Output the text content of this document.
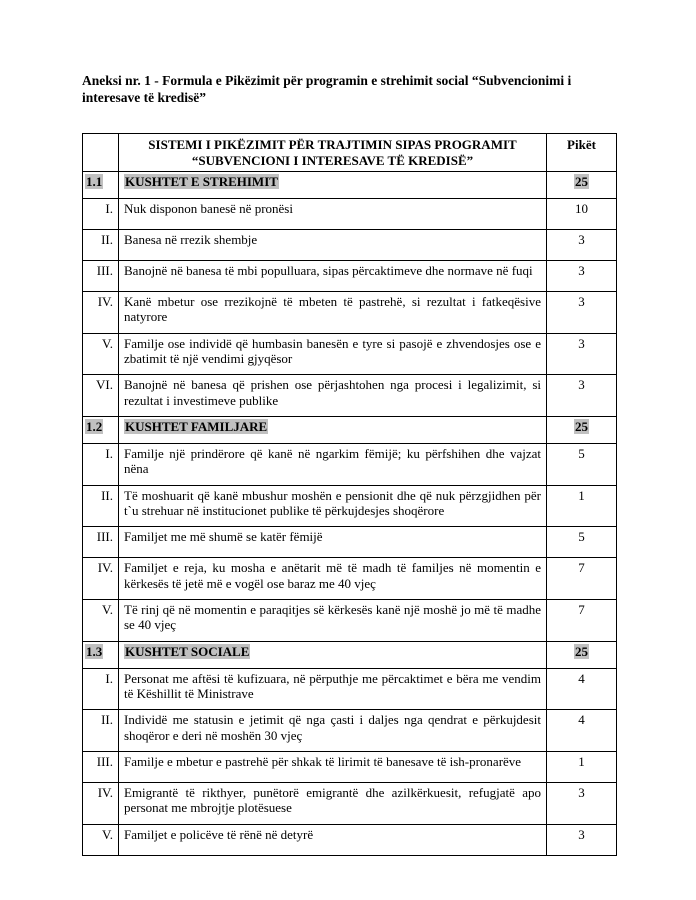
Aneksi nr. 1 - Formula e Pikëzimit për programin e strehimit social “Subvencionimi i interesave të kredisë”

	SISTEMI I PIKËZIMIT PËR TRAJTIMIN SIPAS PROGRAMIT “SUBVENCIONI I INTERESAVE TË KREDISË”	Pikët
1.1	KUSHTET E STREHIMIT	25
I.	Nuk disponon banesë në pronësi	10
II.	Banesa në rrezik shembje	3
III.	Banojnë në banesa të mbi populluara, sipas përcaktimeve dhe normave në fuqi	3
IV.	Kanë mbetur ose rrezikojnë të mbeten të pastrehë, si rezultat i fatkeqësive natyrore	3
V.	Familje ose individë që humbasin banesën e tyre si pasojë e zhvendosjes ose e zbatimit të një vendimi gjyqësor	3
VI.	Banojnë në banesa që prishen ose përjashtohen nga procesi i legalizimit, si rezultat i investimeve publike	3
1.2	KUSHTET FAMILJARE	25
I.	Familje një prindërore që kanë në ngarkim fëmijë; ku përfshihen dhe vajzat nëna	5
II.	Të moshuarit që kanë mbushur moshën e pensionit dhe që nuk përzgjidhen për t`u strehuar në institucionet publike të përkujdesjes shoqërore	1
III.	Familjet me më shumë se katër fëmijë	5
IV.	Familjet e reja, ku mosha e anëtarit më të madh të familjes në momentin e kërkesës të jetë më e vogël ose baraz me 40 vjeç	7
V.	Të rinj që në momentin e paraqitjes së kërkesës kanë një moshë jo më të madhe se 40 vjeç	7
1.3	KUSHTET SOCIALE	25
I.	Personat me aftësi të kufizuara, në përputhje me përcaktimet e bëra me vendim të Këshillit të Ministrave	4
II.	Individë me statusin e jetimit që nga çasti i daljes nga qendrat e përkujdesit shoqëror e deri në moshën 30 vjeç	4
III.	Familje e mbetur e pastrehë për shkak të lirimit të banesave të ish-pronarëve	1
IV.	Emigrantë të rikthyer, punëtorë emigrantë dhe azilkërkuesit, refugjatë apo personat me mbrojtje plotësuese	3
V.	Familjet e policëve të rënë në detyrë	3
